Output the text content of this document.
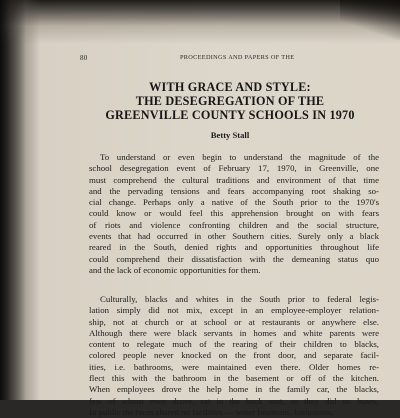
80	PROCEEDINGS AND PAPERS OF THE
WITH GRACE AND STYLE:
THE DESEGREGATION OF THE
GREENVILLE COUNTY SCHOOLS IN 1970
Betty Stall
To understand or even begin to understand the magnitude of the
school desegregation event of February 17, 1970, in Greenville, one
must comprehend the cultural traditions and environment of that time
and the pervading tensions and fears accompanying root shaking so-
cial change. Perhaps only a native of the South prior to the 1970's
could know or would feel this apprehension brought on with fears
of riots and violence confronting children and the social structure,
events that had occurred in other Southern cities. Surely only a black
reared in the South, denied rights and opportunities throughout life
could comprehend their dissatisfaction with the demeaning status quo
and the lack of economic opportunities for them.
Culturally, blacks and whites in the South prior to federal legis-
lation simply did not mix, except in an employee-employer relation-
ship, not at church or at school or at restaurants or anywhere else.
Although there were black servants in homes and white parents were
content to relegate much of the rearing of their children to blacks,
colored people never knocked on the front door, and separate facil-
ities, i.e. bathrooms, were maintained even there. Older homes re-
flect this with the bathroom in the basement or off of the kitchen.
When employees drove the help home in the family car, the blacks,
few of whom even drove, sat in the back seat, as they did on buses.
In public the races shared no facilities — water fountains, bathrooms,
